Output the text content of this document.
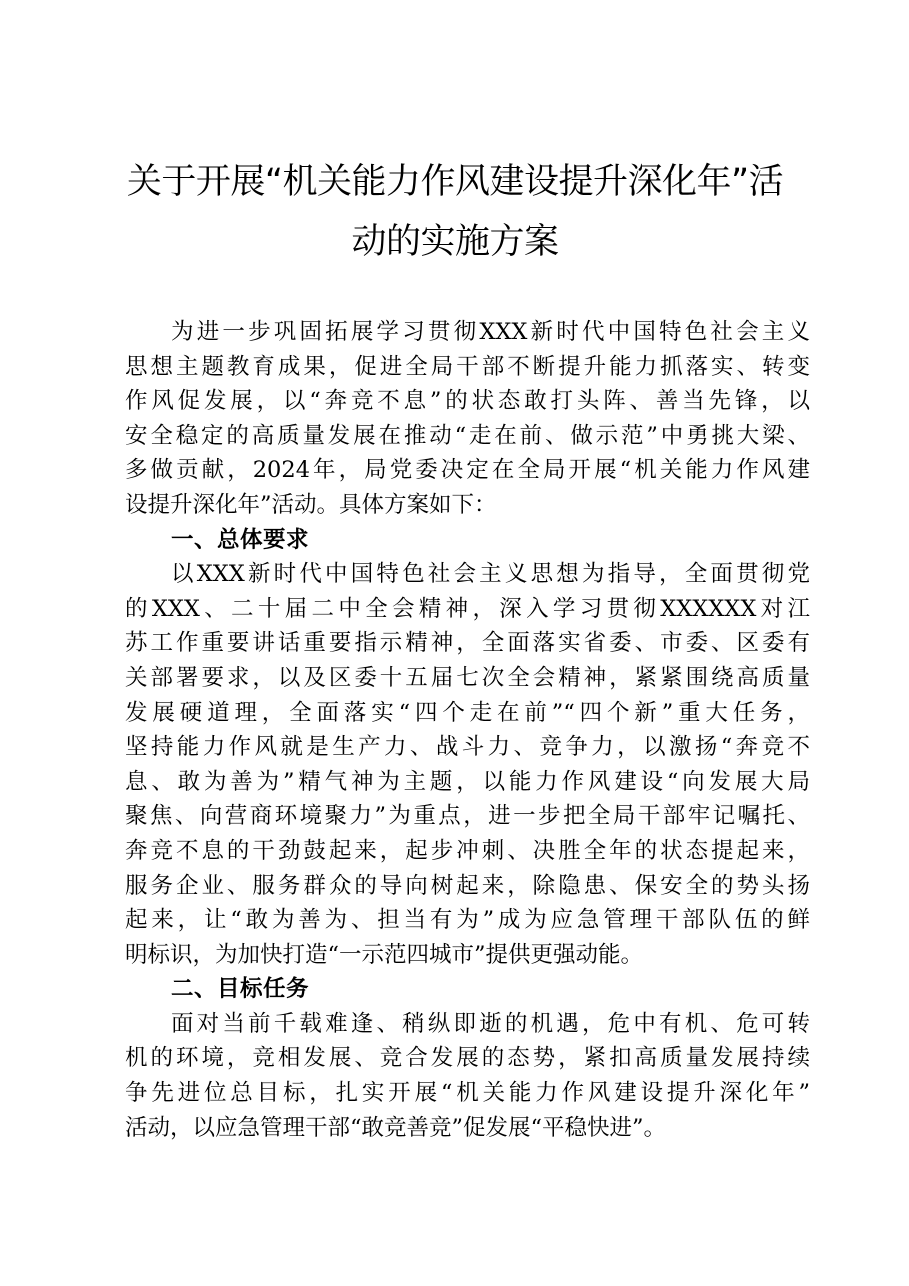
关于开展“机关能力作风建设提升深化年”活
动的实施方案
为进一步巩固拓展学习贯彻XXX新时代中国特色社会主义
思想主题教育成果，促进全局干部不断提升能力抓落实、转变
作风促发展，以“奔竞不息”的状态敢打头阵、善当先锋，以
安全稳定的高质量发展在推动“走在前、做示范”中勇挑大梁、
多做贡献，2024年，局党委决定在全局开展“机关能力作风建
设提升深化年”活动。具体方案如下：
一、总体要求
以XXX新时代中国特色社会主义思想为指导，全面贯彻党
的XXX、二十届二中全会精神，深入学习贯彻XXXXXX对江
苏工作重要讲话重要指示精神，全面落实省委、市委、区委有
关部署要求，以及区委十五届七次全会精神，紧紧围绕高质量
发展硬道理，全面落实“四个走在前”“四个新”重大任务，
坚持能力作风就是生产力、战斗力、竞争力，以激扬“奔竞不
息、敢为善为”精气神为主题，以能力作风建设“向发展大局
聚焦、向营商环境聚力”为重点，进一步把全局干部牢记嘱托、
奔竞不息的干劲鼓起来，起步冲刺、决胜全年的状态提起来，
服务企业、服务群众的导向树起来，除隐患、保安全的势头扬
起来，让“敢为善为、担当有为”成为应急管理干部队伍的鲜
明标识，为加快打造“一示范四城市”提供更强动能。
二、目标任务
面对当前千载难逢、稍纵即逝的机遇，危中有机、危可转
机的环境，竞相发展、竞合发展的态势，紧扣高质量发展持续
争先进位总目标，扎实开展“机关能力作风建设提升深化年”
活动，以应急管理干部“敢竞善竞”促发展“平稳快进”。
